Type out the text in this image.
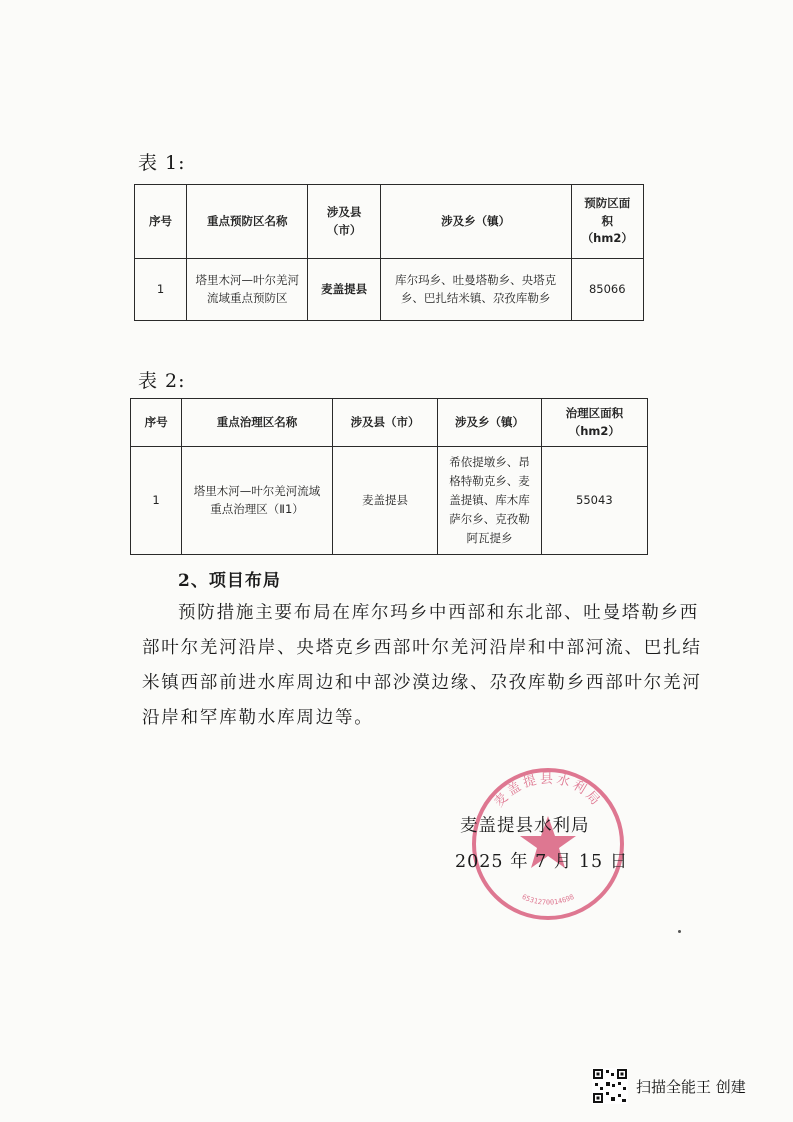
表 1:
序号	重点预防区名称	涉及县
（市）	涉及乡（镇）	预防区面
积
（hm2）
1	塔里木河—叶尔羌河
流域重点预防区	麦盖提县	库尔玛乡、吐曼塔勒乡、央塔克
乡、巴扎结米镇、尕孜库勒乡	85066
表 2:
序号	重点治理区名称	涉及县（市）	涉及乡（镇）	治理区面积
（hm2）
1	塔里木河—叶尔羌河流域
重点治理区（Ⅱ1）	麦盖提县	希依提墩乡、昂
格特勒克乡、麦
盖提镇、库木库
萨尔乡、克孜勒
阿瓦提乡	55043
2、项目布局

预防措施主要布局在库尔玛乡中西部和东北部、吐曼塔勒乡西部叶尔羌河沿岸、央塔克乡西部叶尔羌河沿岸和中部河流、巴扎结米镇西部前进水库周边和中部沙漠边缘、尕孜库勒乡西部叶尔羌河沿岸和罕库勒水库周边等。

麦盖提县水利局
6531270014698
麦盖提县水利局
2025 年 7 月 15 日
扫描全能王 创建
